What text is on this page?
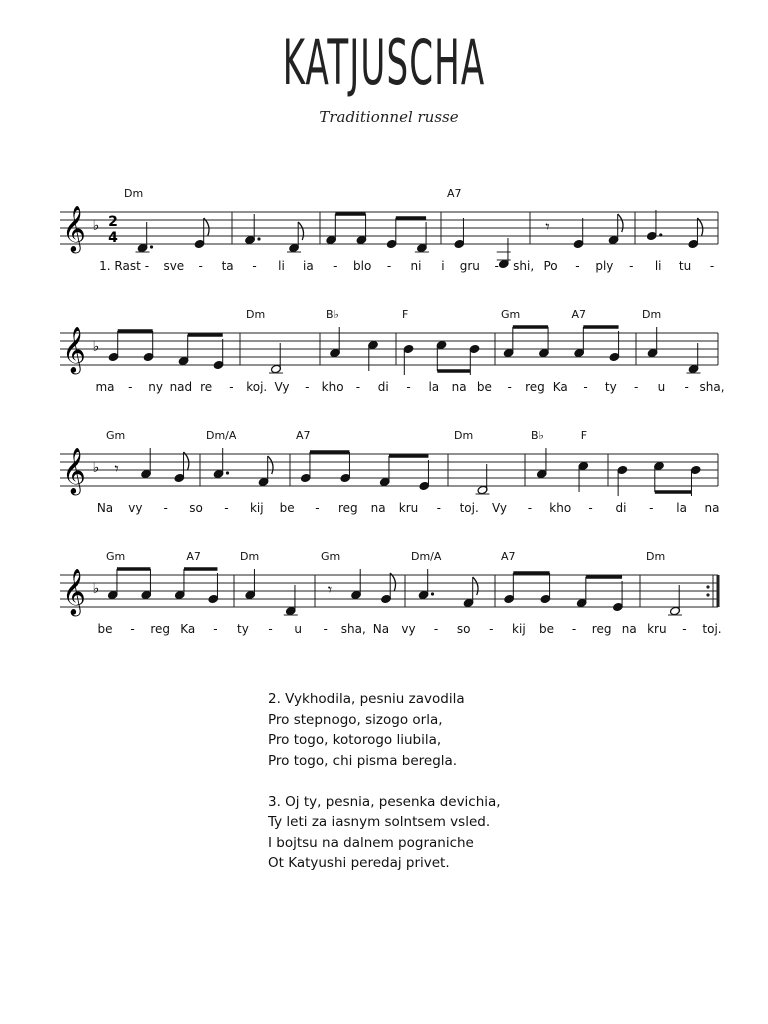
KATJUSCHA
Traditionnel russe
𝄞 ♭ 2
4
𝄾
Dm	A7
1. Rast - sve - ta - li ia - blo - ni i gru - shi, Po - ply - li tu -
𝄞 ♭
Dm	B♭	F	Gm	A7	Dm
ma - ny nad re - koj. Vy - kho - di - la na be - reg Ka - ty - u - sha,
𝄞 ♭ 𝄾
Gm	Dm/A	A7	Dm	B♭	F
Na vy - so - kij be - reg na kru - toj. Vy - kho - di - la na
𝄞 ♭	𝄾
Gm	A7	Dm	Gm	Dm/A	A7	Dm
be - reg Ka - ty - u - sha, Na vy - so - kij be - reg na kru - toj.
2. Vykhodila, pesniu zavodila
Pro stepnogo, sizogo orla,
Pro togo, kotorogo liubila,
Pro togo, chi pisma beregla.
3. Oj ty, pesnia, pesenka devichia,
Ty leti za iasnym solntsem vsled.
I bojtsu na dalnem pograniche
Ot Katyushi peredaj privet.
